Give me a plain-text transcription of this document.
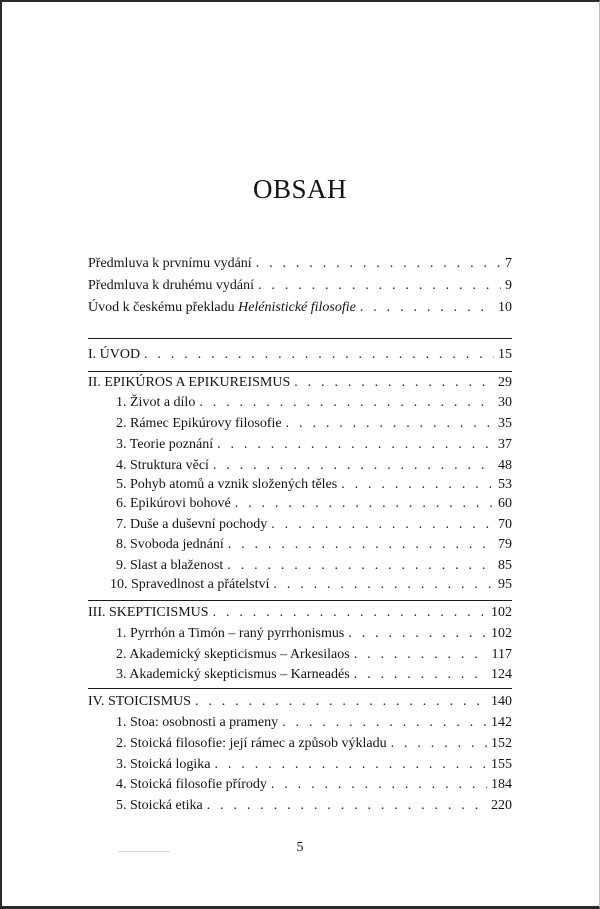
OBSAH
Předmluva k prvnímu vydání . . .	7
Předmluva k druhému vydání . . .	9
Úvod k českému překladu Helénistické filosofie . . .	10
I. ÚVOD . . .	15
II. EPIKÚROS A EPIKUREISMUS . . .	29
1. Život a dílo . . .	30
2. Rámec Epikúrovy filosofie . . .	35
3. Teorie poznání . . .	37
4. Struktura věcí . . .	48
5. Pohyb atomů a vznik složených těles . . .	53
6. Epikúrovi bohové . . .	60
7. Duše a duševní pochody . . .	70
8. Svoboda jednání . . .	79
9. Slast a blaženost . . .	85
10. Spravedlnost a přátelství . . .	95
III. SKEPTICISMUS . . .	102
1. Pyrrhón a Timón – raný pyrrhonismus . . .	102
2. Akademický skepticismus – Arkesilaos . . .	117
3. Akademický skepticismus – Karneadés . . .	124
IV. STOICISMUS . . .	140
1. Stoa: osobnosti a prameny . . .	142
2. Stoická filosofie: její rámec a způsob výkladu . . .	152
3. Stoická logika . . .	155
4. Stoická filosofie přírody . . .	184
5. Stoická etika . . .	220
5
